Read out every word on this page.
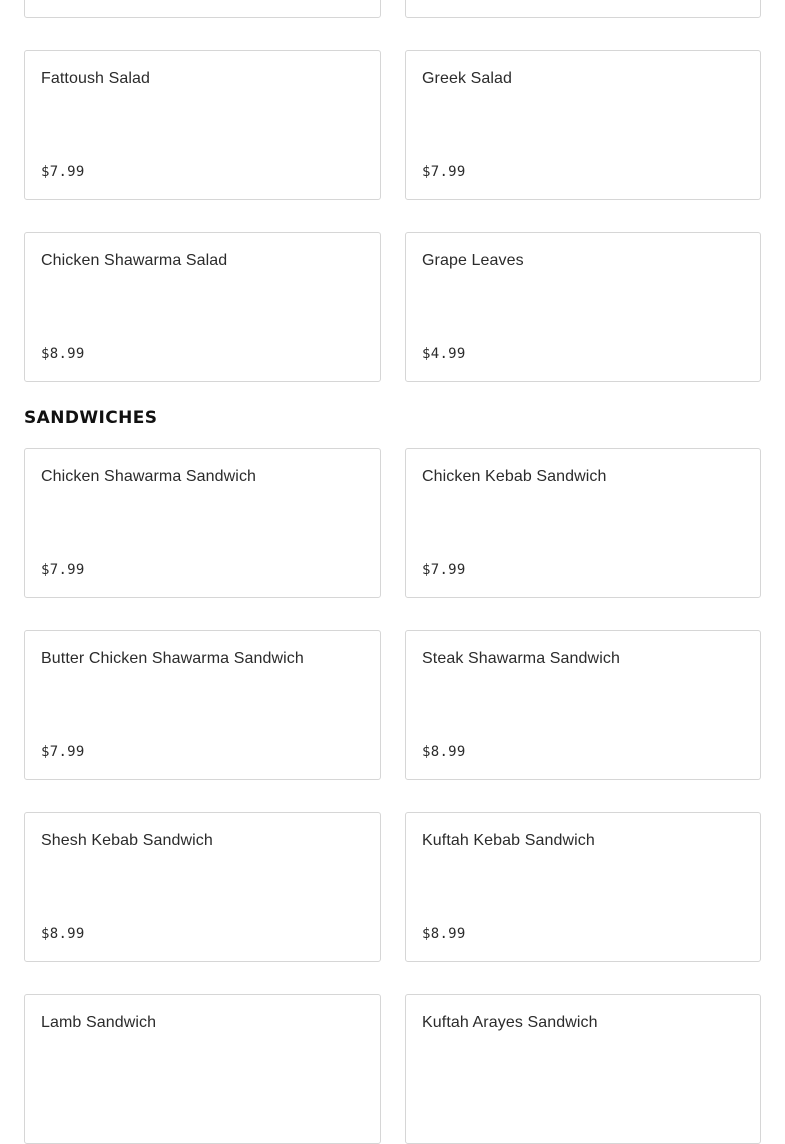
Fattoush Salad
$7.99
Greek Salad
$7.99
Chicken Shawarma Salad
$8.99
Grape Leaves
$4.99
SANDWICHES
Chicken Shawarma Sandwich
$7.99
Chicken Kebab Sandwich
$7.99
Butter Chicken Shawarma Sandwich
$7.99
Steak Shawarma Sandwich
$8.99
Shesh Kebab Sandwich
$8.99
Kuftah Kebab Sandwich
$8.99
Lamb Sandwich	Kuftah Arayes Sandwich
